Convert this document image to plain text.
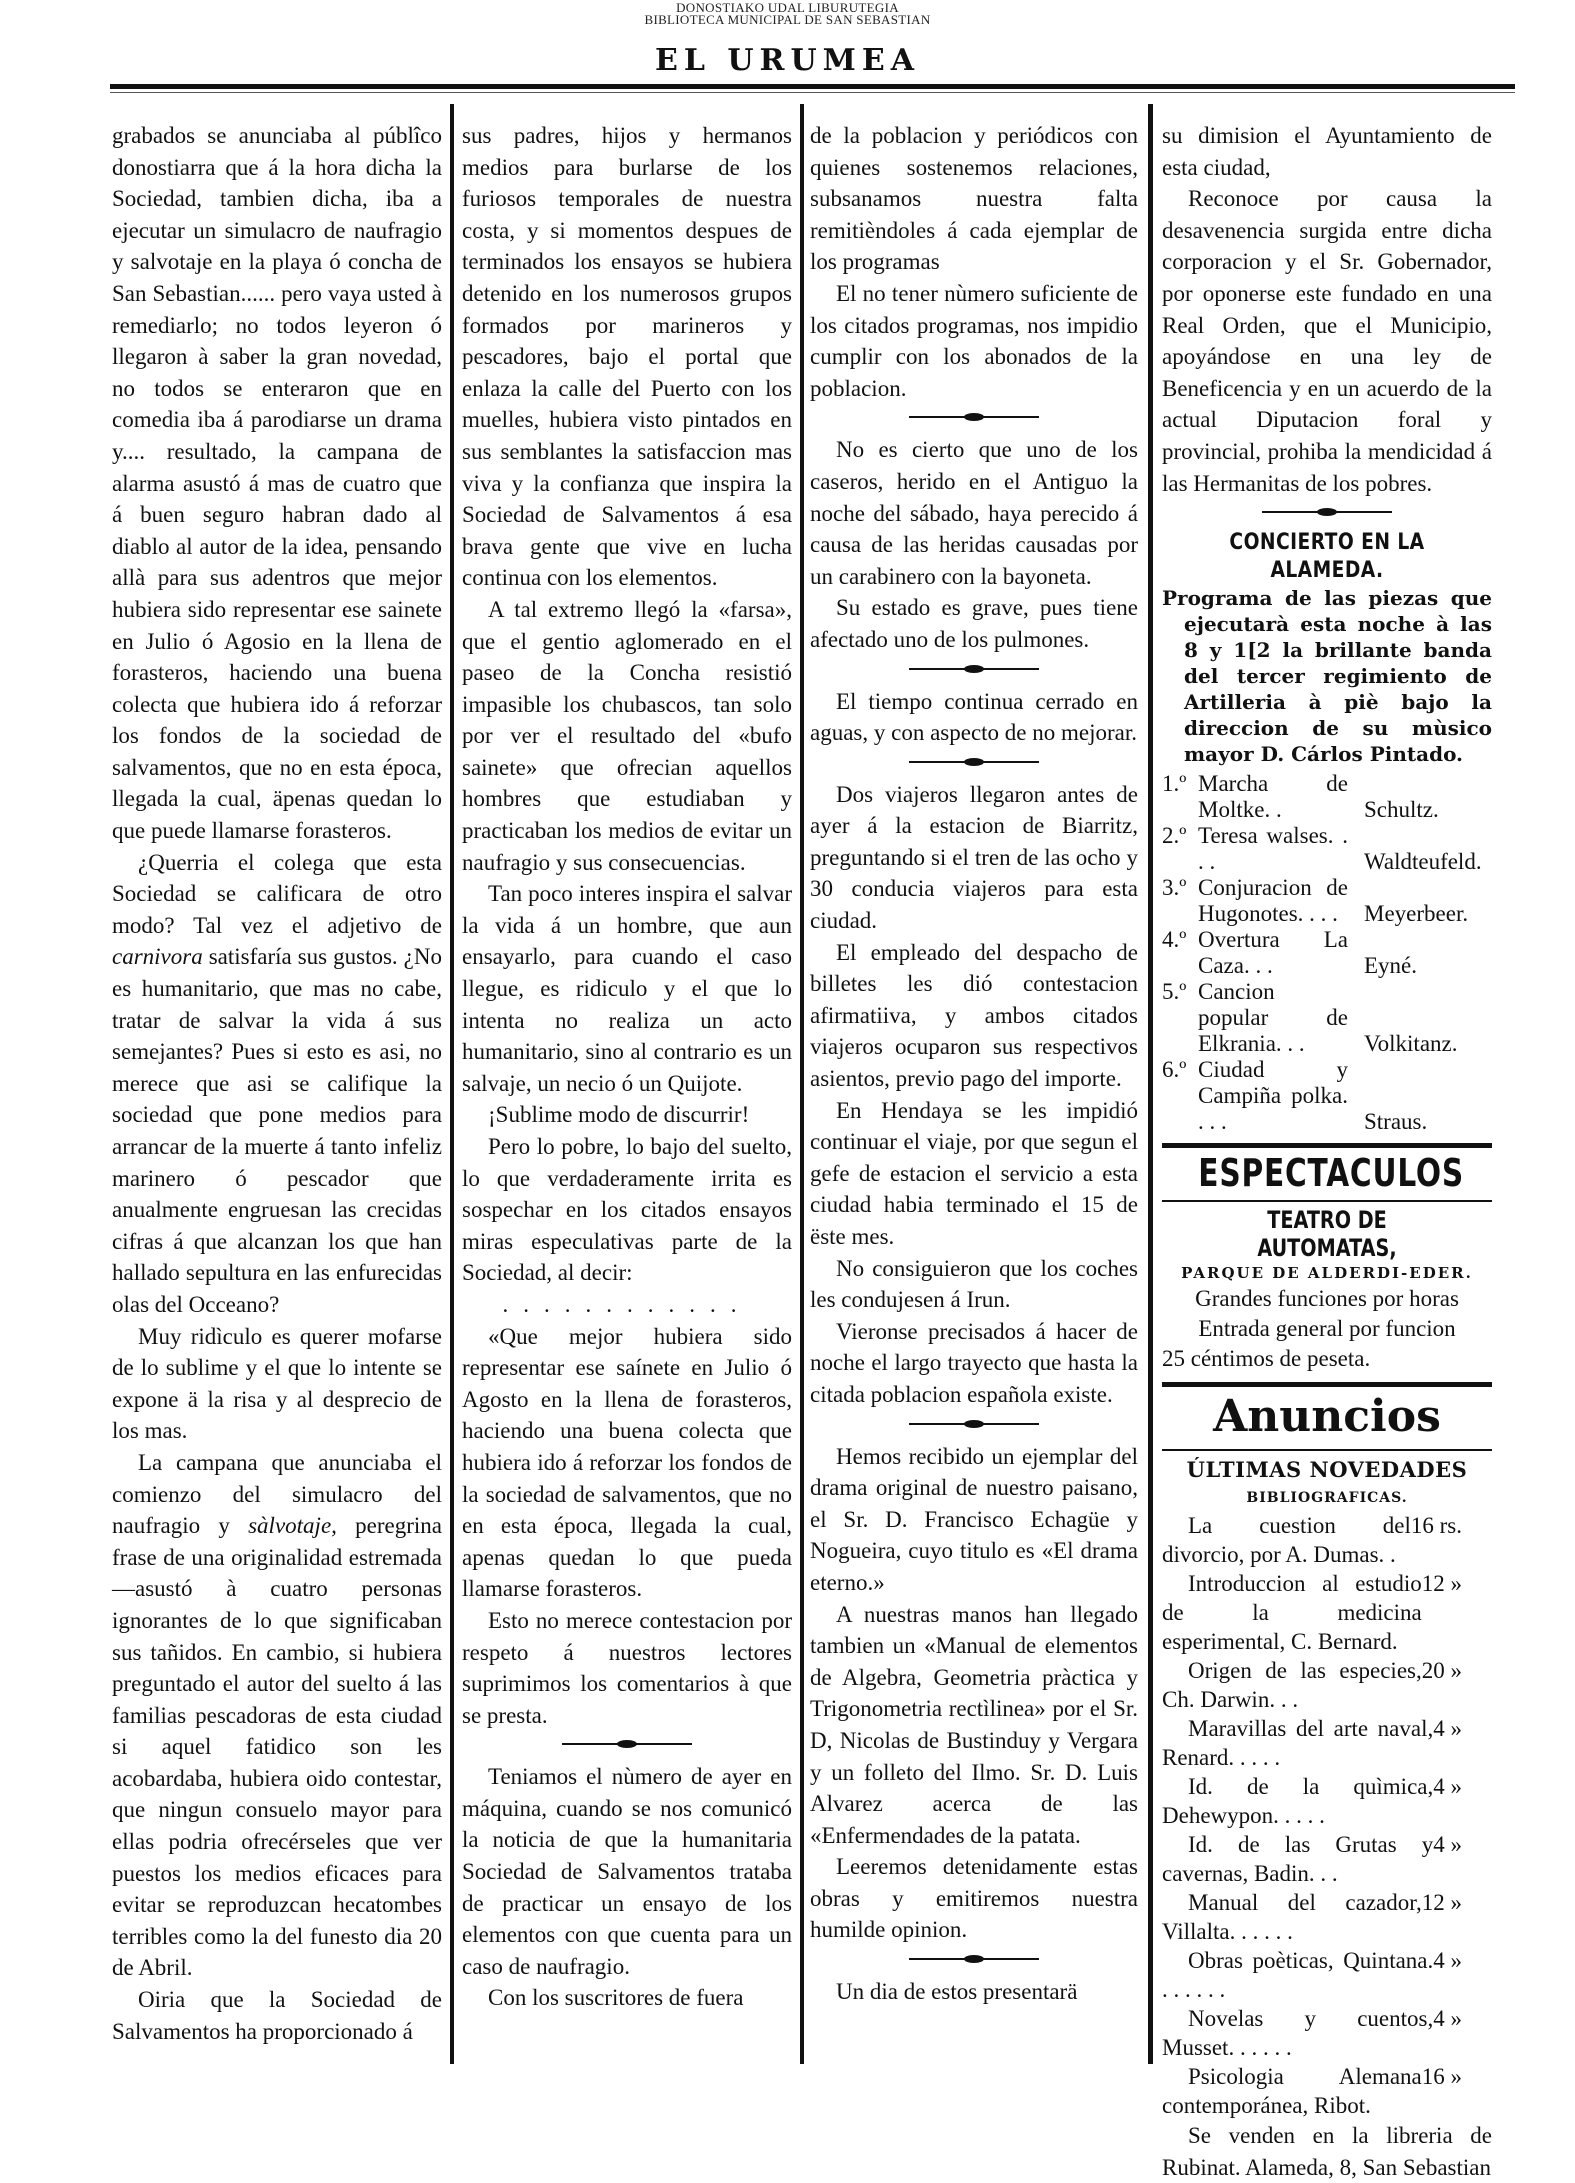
DONOSTIAKO UDAL LIBURUTEGIA
BIBLIOTECA MUNICIPAL DE SAN SEBASTIAN
EL URUMEA

grabados se anunciaba al públîco donostiarra que á la hora dicha la Sociedad, tambien dicha, iba a ejecutar un simulacro de naufragio y salvotaje en la playa ó concha de San Sebastian...... pero vaya usted à remediarlo; no todos leyeron ó llegaron à saber la gran novedad, no todos se enteraron que en comedia iba á parodiarse un drama y.... resultado, la campana de alarma asustó á mas de cuatro que á buen seguro habran dado al diablo al autor de la idea, pensando allà para sus adentros que mejor hubiera sido representar ese sainete en Julio ó Agosio en la llena de forasteros, haciendo una buena colecta que hubiera ido á reforzar los fondos de la sociedad de salvamentos, que no en esta época, llegada la cual, äpenas quedan lo que puede llamarse forasteros.

¿Querria el colega que esta Sociedad se calificara de otro modo? Tal vez el adjetivo de carnivora satisfaría sus gustos. ¿No es humanitario, que mas no cabe, tratar de salvar la vida á sus semejantes? Pues si esto es asi, no merece que asi se califique la sociedad que pone medios para arrancar de la muerte á tanto infeliz marinero ó pescador que anualmente engruesan las crecidas cifras á que alcanzan los que han hallado sepultura en las enfurecidas olas del Occeano?

Muy ridìculo es querer mofarse de lo sublime y el que lo intente se expone ä la risa y al desprecio de los mas.

La campana que anunciaba el comienzo del simulacro del naufragio y sàlvotaje, peregrina frase de una originalidad estremada —asustó à cuatro personas ignorantes de lo que significaban sus tañidos. En cambio, si hubiera preguntado el autor del suelto á las familias pescadoras de esta ciudad si aquel fatidico son les acobardaba, hubiera oido contestar, que ningun consuelo mayor para ellas podria ofrecérseles que ver puestos los medios eficaces para evitar se reproduzcan hecatombes terribles como la del funesto dia 20 de Abril.

Oiria que la Sociedad de Salvamentos ha proporcionado á

sus padres, hijos y hermanos medios para burlarse de los furiosos temporales de nuestra costa, y si momentos despues de terminados los ensayos se hubiera detenido en los numerosos grupos formados por marineros y pescadores, bajo el portal que enlaza la calle del Puerto con los muelles, hubiera visto pintados en sus semblantes la satisfaccion mas viva y la confianza que inspira la Sociedad de Salvamentos á esa brava gente que vive en lucha continua con los elementos.

A tal extremo llegó la «farsa», que el gentio aglomerado en el paseo de la Concha resistió impasible los chubascos, tan solo por ver el resultado del «bufo sainete» que ofrecian aquellos hombres que estudiaban y practicaban los medios de evitar un naufragio y sus consecuencias.

Tan poco interes inspira el salvar la vida á un hombre, que aun ensayarlo, para cuando el caso llegue, es ridiculo y el que lo intenta no realiza un acto humanitario, sino al contrario es un salvaje, un necio ó un Quijote.

¡Sublime modo de discurrir!

Pero lo pobre, lo bajo del suelto, lo que verdaderamente irrita es sospechar en los citados ensayos miras especulativas parte de la Sociedad, al decir:

............

«Que mejor hubiera sido representar ese saínete en Julio ó Agosto en la llena de forasteros, haciendo una buena colecta que hubiera ido á reforzar los fondos de la sociedad de salvamentos, que no en esta época, llegada la cual, apenas quedan lo que pueda llamarse forasteros.

Esto no merece contestacion por respeto á nuestros lectores suprimimos los comentarios à que se presta.

Teniamos el nùmero de ayer en máquina, cuando se nos comunicó la noticia de que la humanitaria Sociedad de Salvamentos trataba de practicar un ensayo de los elementos con que cuenta para un caso de naufragio.

Con los suscritores de fuera

de la poblacion y periódicos con quienes sostenemos relaciones, subsanamos nuestra falta remitièndoles á cada ejemplar de los programas

El no tener nùmero suficiente de los citados programas, nos impidio cumplir con los abonados de la poblacion.

No es cierto que uno de los caseros, herido en el Antiguo la noche del sábado, haya perecido á causa de las heridas causadas por un carabinero con la bayoneta.

Su estado es grave, pues tiene afectado uno de los pulmones.

El tiempo continua cerrado en aguas, y con aspecto de no mejorar.

Dos viajeros llegaron antes de ayer á la estacion de Biarritz, preguntando si el tren de las ocho y 30 conducia viajeros para esta ciudad.

El empleado del despacho de billetes les dió contestacion afirmatiiva, y ambos citados viajeros ocuparon sus respectivos asientos, previo pago del importe.

En Hendaya se les impidió continuar el viaje, por que segun el gefe de estacion el servicio a esta ciudad habia terminado el 15 de ëste mes.

No consiguieron que los coches les condujesen á Irun.

Vieronse precisados á hacer de noche el largo trayecto que hasta la citada poblacion española existe.

Hemos recibido un ejemplar del drama original de nuestro paisano, el Sr. D. Francisco Echagüe y Nogueira, cuyo titulo es «El drama eterno.»

A nuestras manos han llegado tambien un «Manual de elementos de Algebra, Geometria pràctica y Trigonometria rectìlinea» por el Sr. D, Nicolas de Bustinduy y Vergara y un folleto del Ilmo. Sr. D. Luis Alvarez acerca de las «Enfermendades de la patata.

Leeremos detenidamente estas obras y emitiremos nuestra humilde opinion.

Un dia de estos presentarä

su dimision el Ayuntamiento de esta ciudad,

Reconoce por causa la desavenencia surgida entre dicha corporacion y el Sr. Gobernador, por oponerse este fundado en una Real Orden, que el Municipio, apoyándose en una ley de Beneficencia y en un acuerdo de la actual Diputacion foral y provincial, prohiba la mendicidad á las Hermanitas de los pobres.

CONCIERTO EN LA ALAMEDA.
Programa de las piezas que ejecutarà esta noche à las 8 y 1[2 la brillante banda del tercer regimiento de Artilleria à piè bajo la direccion de su mùsico mayor D. Cárlos Pintado.
1.º	Marcha de Moltke. .	Schultz.
2.º	Teresa walses. . . .	Waldteufeld.
3.º	Conjuracion de Hugonotes. . . .	Meyerbeer.
4.º	Overtura La Caza. . .	Eyné.
5.º	Cancion popular de Elkrania. . .	Volkitanz.
6.º	Ciudad y Campiña polka. . . .	Straus.
ESPECTACULOS
TEATRO DE AUTOMATAS,
PARQUE DE ALDERDI-EDER.
Grandes funciones por horas
Entrada general por funcion
25 céntimos de peseta.
Anuncios
ÚLTIMAS NOVEDADES
BIBLIOGRAFICAS.
La cuestion del divorcio, por A. Dumas. .
16 rs.
Introduccion al estudio de la medicina esperimental, C. Bernard.
12 »
Origen de las especies, Ch. Darwin. . .
20 »
Maravillas del arte naval, Renard. . . . .
4 »
Id. de la quìmica, Dehewypon. . . . .
4 »
Id. de las Grutas y cavernas, Badin. . .
4 »
Manual del cazador, Villalta. . . . . .
12 »
Obras poèticas, Quintana. . . . . . .
4 »
Novelas y cuentos, Musset. . . . . .
4 »
Psicologia Alemana contemporánea, Ribot.
16 »

Se venden en la libreria de Rubinat. Alameda, 8, San Sebastian
